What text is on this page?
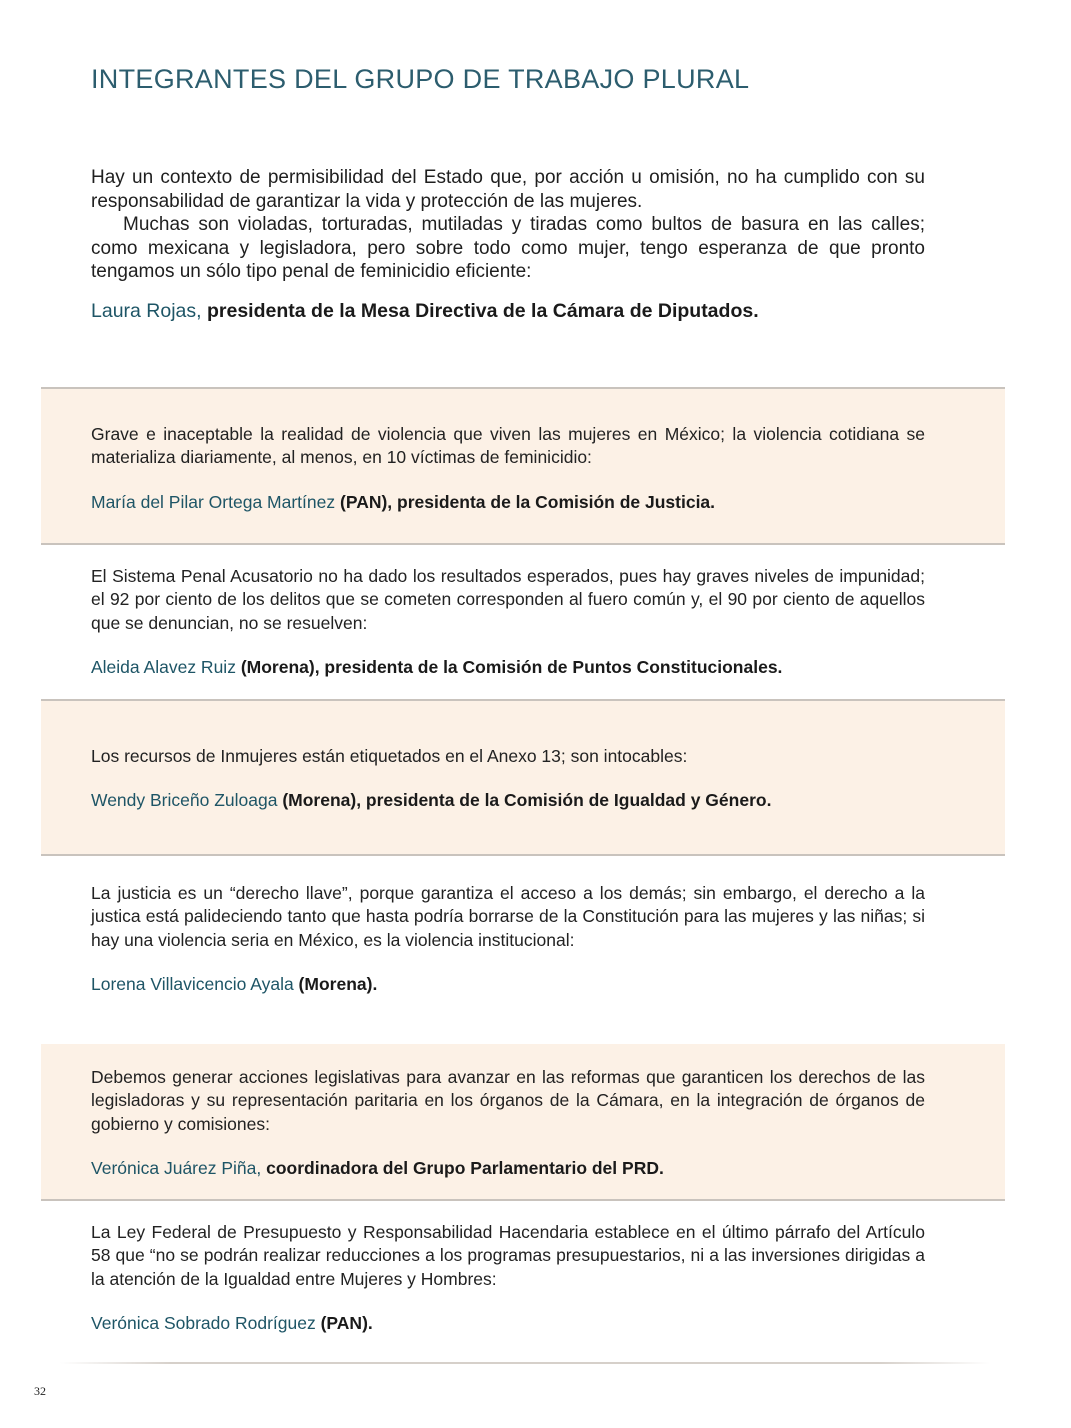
INTEGRANTES DEL GRUPO DE TRABAJO PLURAL

Hay un contexto de permisibilidad del Estado que, por acción u omisión, no ha cumplido con su responsabilidad de garantizar la vida y protección de las mujeres.

Muchas son violadas, torturadas, mutiladas y tiradas como bultos de basura en las calles; como mexicana y legisladora, pero sobre todo como mujer, tengo esperanza de que pronto tengamos un sólo tipo penal de feminicidio eficiente:

Laura Rojas, presidenta de la Mesa Directiva de la Cámara de Diputados.

Grave e inaceptable la realidad de violencia que viven las mujeres en México; la violencia cotidiana se materializa diariamente, al menos, en 10 víctimas de feminicidio:

María del Pilar Ortega Martínez (PAN), presidenta de la Comisión de Justicia.

El Sistema Penal Acusatorio no ha dado los resultados esperados, pues hay graves niveles de impunidad; el 92 por ciento de los delitos que se cometen corresponden al fuero común y, el 90 por ciento de aquellos que se denuncian, no se resuelven:

Aleida Alavez Ruiz (Morena), presidenta de la Comisión de Puntos Constitucionales.

Los recursos de Inmujeres están etiquetados en el Anexo 13; son intocables:

Wendy Briceño Zuloaga (Morena), presidenta de la Comisión de Igualdad y Género.

La justicia es un “derecho llave”, porque garantiza el acceso a los demás; sin embargo, el derecho a la justica está palideciendo tanto que hasta podría borrarse de la Constitución para las mujeres y las niñas; si hay una violencia seria en México, es la violencia institucional:

Lorena Villavicencio Ayala (Morena).

Debemos generar acciones legislativas para avanzar en las reformas que garanticen los derechos de las legisladoras y su representación paritaria en los órganos de la Cámara, en la integración de órganos de gobierno y comisiones:

Verónica Juárez Piña, coordinadora del Grupo Parlamentario del PRD.

La Ley Federal de Presupuesto y Responsabilidad Hacendaria establece en el último párrafo del Artículo 58 que “no se podrán realizar reducciones a los programas presupuestarios, ni a las inversiones dirigidas a la atención de la Igualdad entre Mujeres y Hombres:

Verónica Sobrado Rodríguez (PAN).

32
